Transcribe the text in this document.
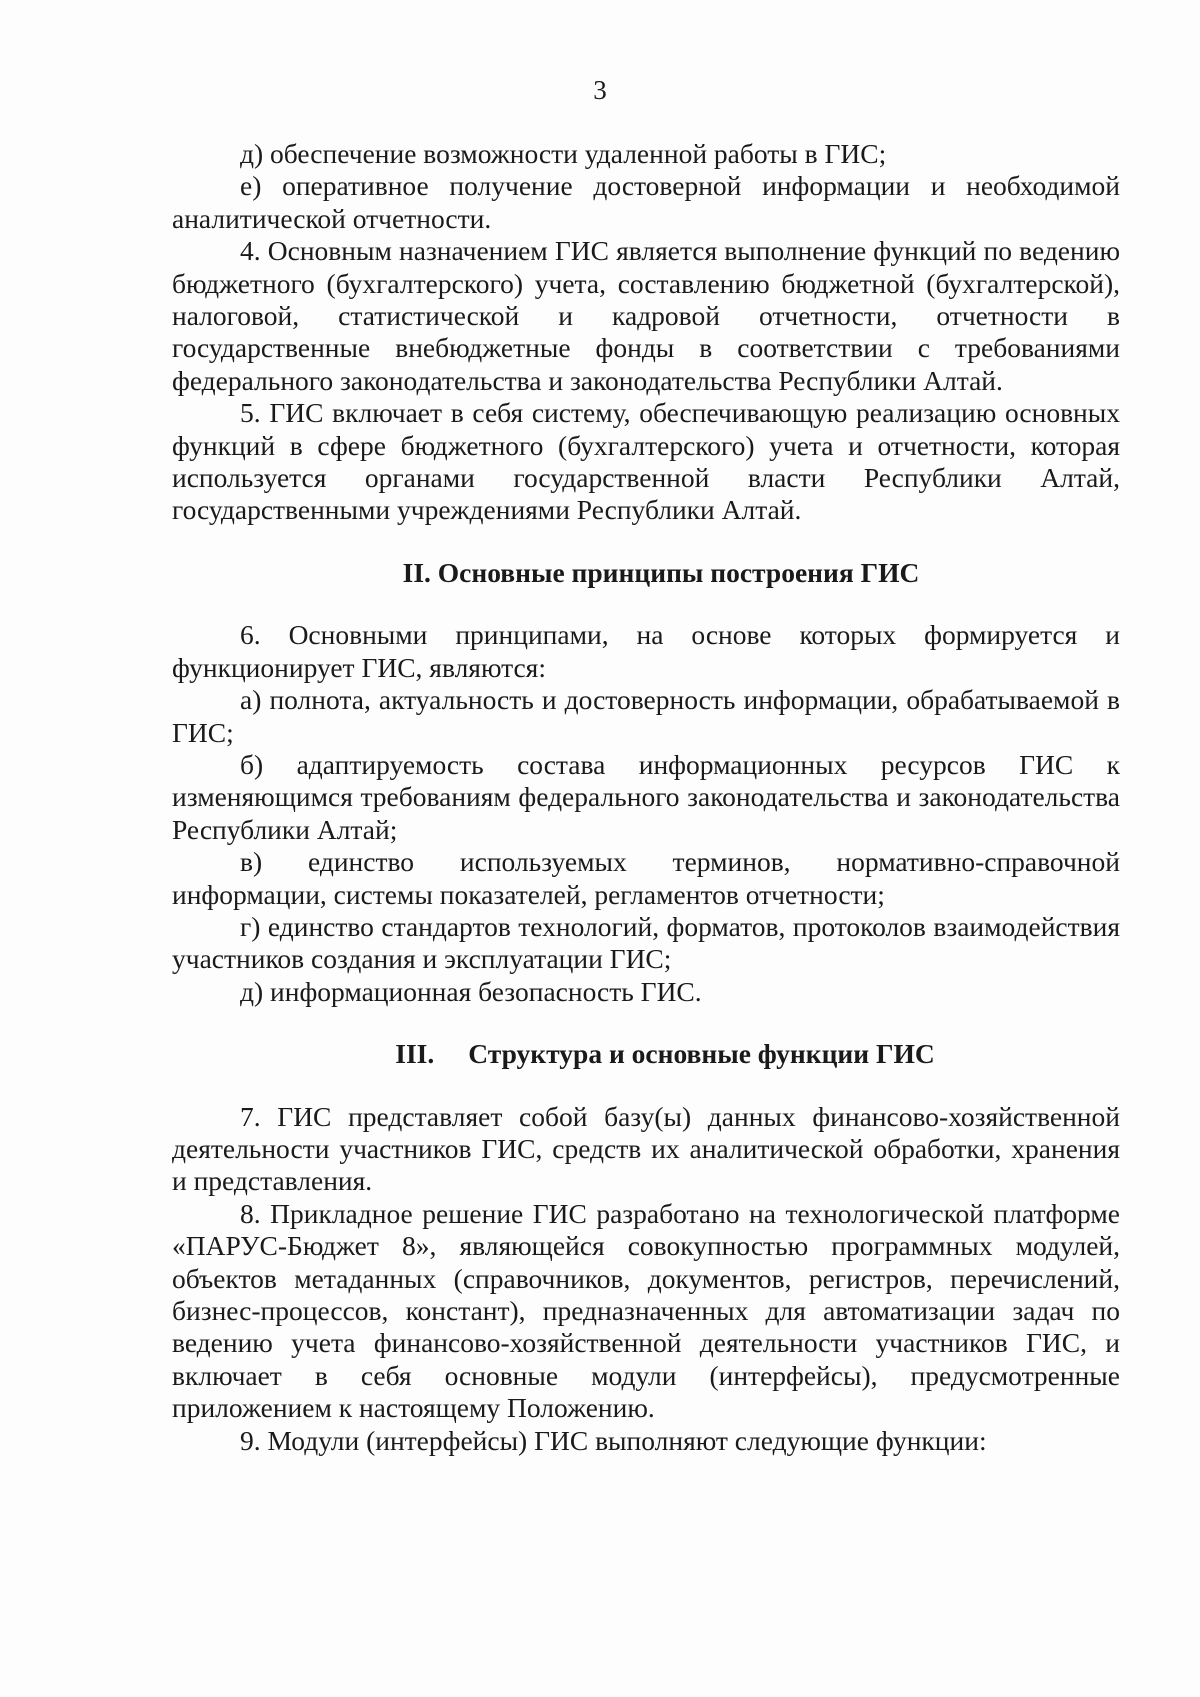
3

д) обеспечение возможности удаленной работы в ГИС;

е) оперативное получение достоверной информации и необходимой аналитической отчетности.

4. Основным назначением ГИС является выполнение функций по ведению бюджетного (бухгалтерского) учета, составлению бюджетной (бухгалтерской), налоговой, статистической и кадровой отчетности, отчетности в государственные внебюджетные фонды в соответствии с требованиями федерального законодательства и законодательства Республики Алтай.

5. ГИС включает в себя систему, обеспечивающую реализацию основных функций в сфере бюджетного (бухгалтерского) учета и отчетности, которая используется органами государственной власти Республики Алтай, государственными учреждениями Республики Алтай.

II. Основные принципы построения ГИС

6. Основными принципами, на основе которых формируется и функционирует ГИС, являются:

а) полнота, актуальность и достоверность информации, обрабатываемой в ГИС;

б) адаптируемость состава информационных ресурсов ГИС к изменяющимся требованиям федерального законодательства и законодательства Республики Алтай;

в) единство используемых терминов, нормативно-справочной информации, системы показателей, регламентов отчетности;

г) единство стандартов технологий, форматов, протоколов взаимодействия участников создания и эксплуатации ГИС;

д) информационная безопасность ГИС.

III. Структура и основные функции ГИС

7. ГИС представляет собой базу(ы) данных финансово-хозяйственной деятельности участников ГИС, средств их аналитической обработки, хранения и представления.

8. Прикладное решение ГИС разработано на технологической платформе «ПАРУС-Бюджет 8», являющейся совокупностью программных модулей, объектов метаданных (справочников, документов, регистров, перечислений, бизнес-процессов, констант), предназначенных для автоматизации задач по ведению учета финансово-хозяйственной деятельности участников ГИС, и включает в себя основные модули (интерфейсы), предусмотренные приложением к настоящему Положению.

9. Модули (интерфейсы) ГИС выполняют следующие функции:
